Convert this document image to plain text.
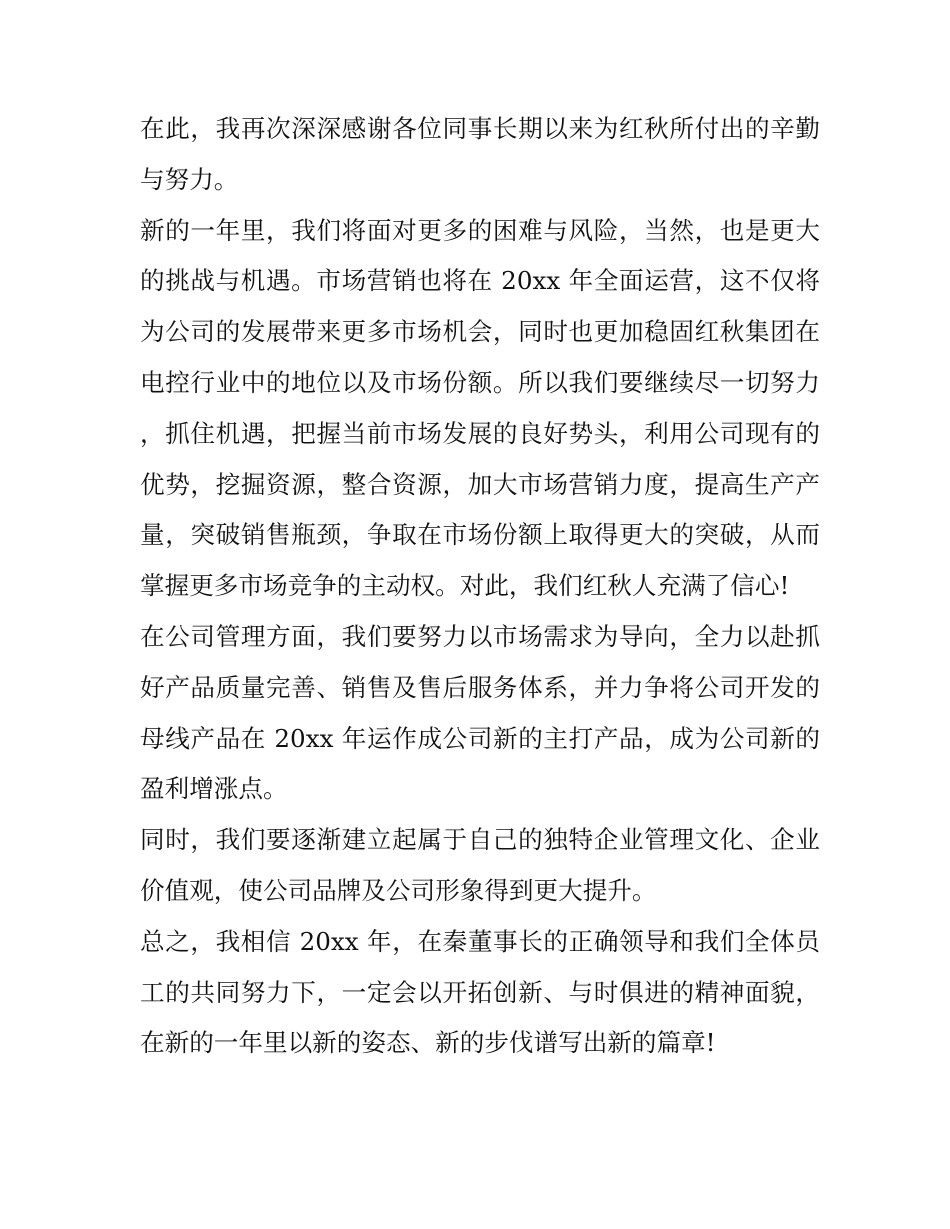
在此，我再次深深感谢各位同事长期以来为红秋所付出的辛勤与努力。

新的一年里，我们将面对更多的困难与风险，当然，也是更大的挑战与机遇。市场营销也将在 20xx 年全面运营，这不仅将为公司的发展带来更多市场机会，同时也更加稳固红秋集团在电控行业中的地位以及市场份额。所以我们要继续尽一切努力，抓住机遇，把握当前市场发展的良好势头，利用公司现有的优势，挖掘资源，整合资源，加大市场营销力度，提高生产产量，突破销售瓶颈，争取在市场份额上取得更大的突破，从而掌握更多市场竞争的主动权。对此，我们红秋人充满了信心!

在公司管理方面，我们要努力以市场需求为导向，全力以赴抓好产品质量完善、销售及售后服务体系，并力争将公司开发的母线产品在 20xx 年运作成公司新的主打产品，成为公司新的盈利增涨点。

同时，我们要逐渐建立起属于自己的独特企业管理文化、企业价值观，使公司品牌及公司形象得到更大提升。

总之，我相信 20xx 年，在秦董事长的正确领导和我们全体员工的共同努力下，一定会以开拓创新、与时俱进的精神面貌，在新的一年里以新的姿态、新的步伐谱写出新的篇章!
